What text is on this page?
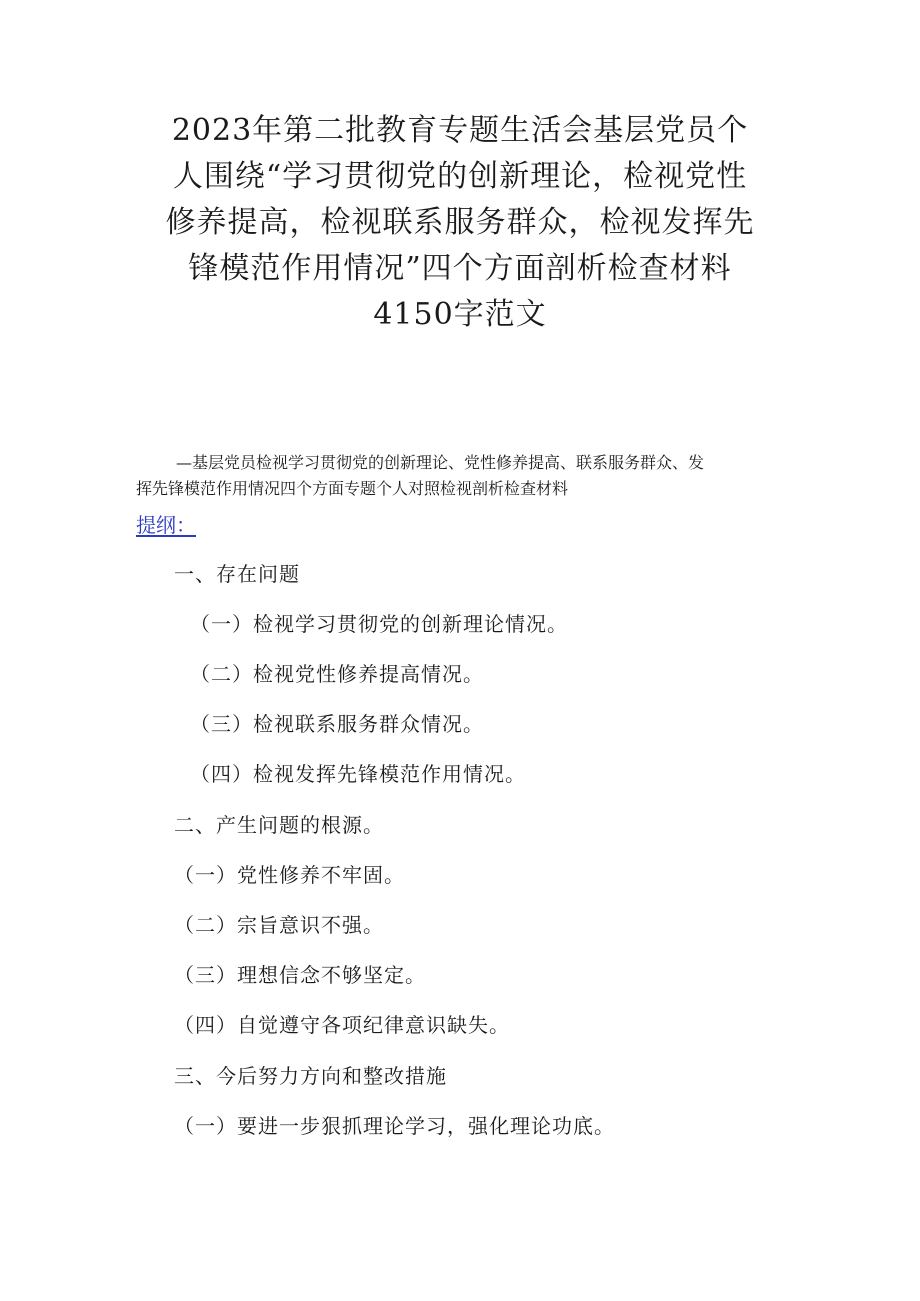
2023年第二批教育专题生活会基层党员个
人围绕“学习贯彻党的创新理论，检视党性
修养提高，检视联系服务群众，检视发挥先
锋模范作用情况”四个方面剖析检查材料
4150字范文

—基层党员检视学习贯彻党的创新理论、党性修养提高、联系服务群众、发
挥先锋模范作用情况四个方面专题个人对照检视剖析检查材料

提纲：

一、存在问题

（一）检视学习贯彻党的创新理论情况。

（二）检视党性修养提高情况。

（三）检视联系服务群众情况。

（四）检视发挥先锋模范作用情况。

二、产生问题的根源。

（一）党性修养不牢固。

（二）宗旨意识不强。

（三）理想信念不够坚定。

（四）自觉遵守各项纪律意识缺失。

三、今后努力方向和整改措施

（一）要进一步狠抓理论学习，强化理论功底。
